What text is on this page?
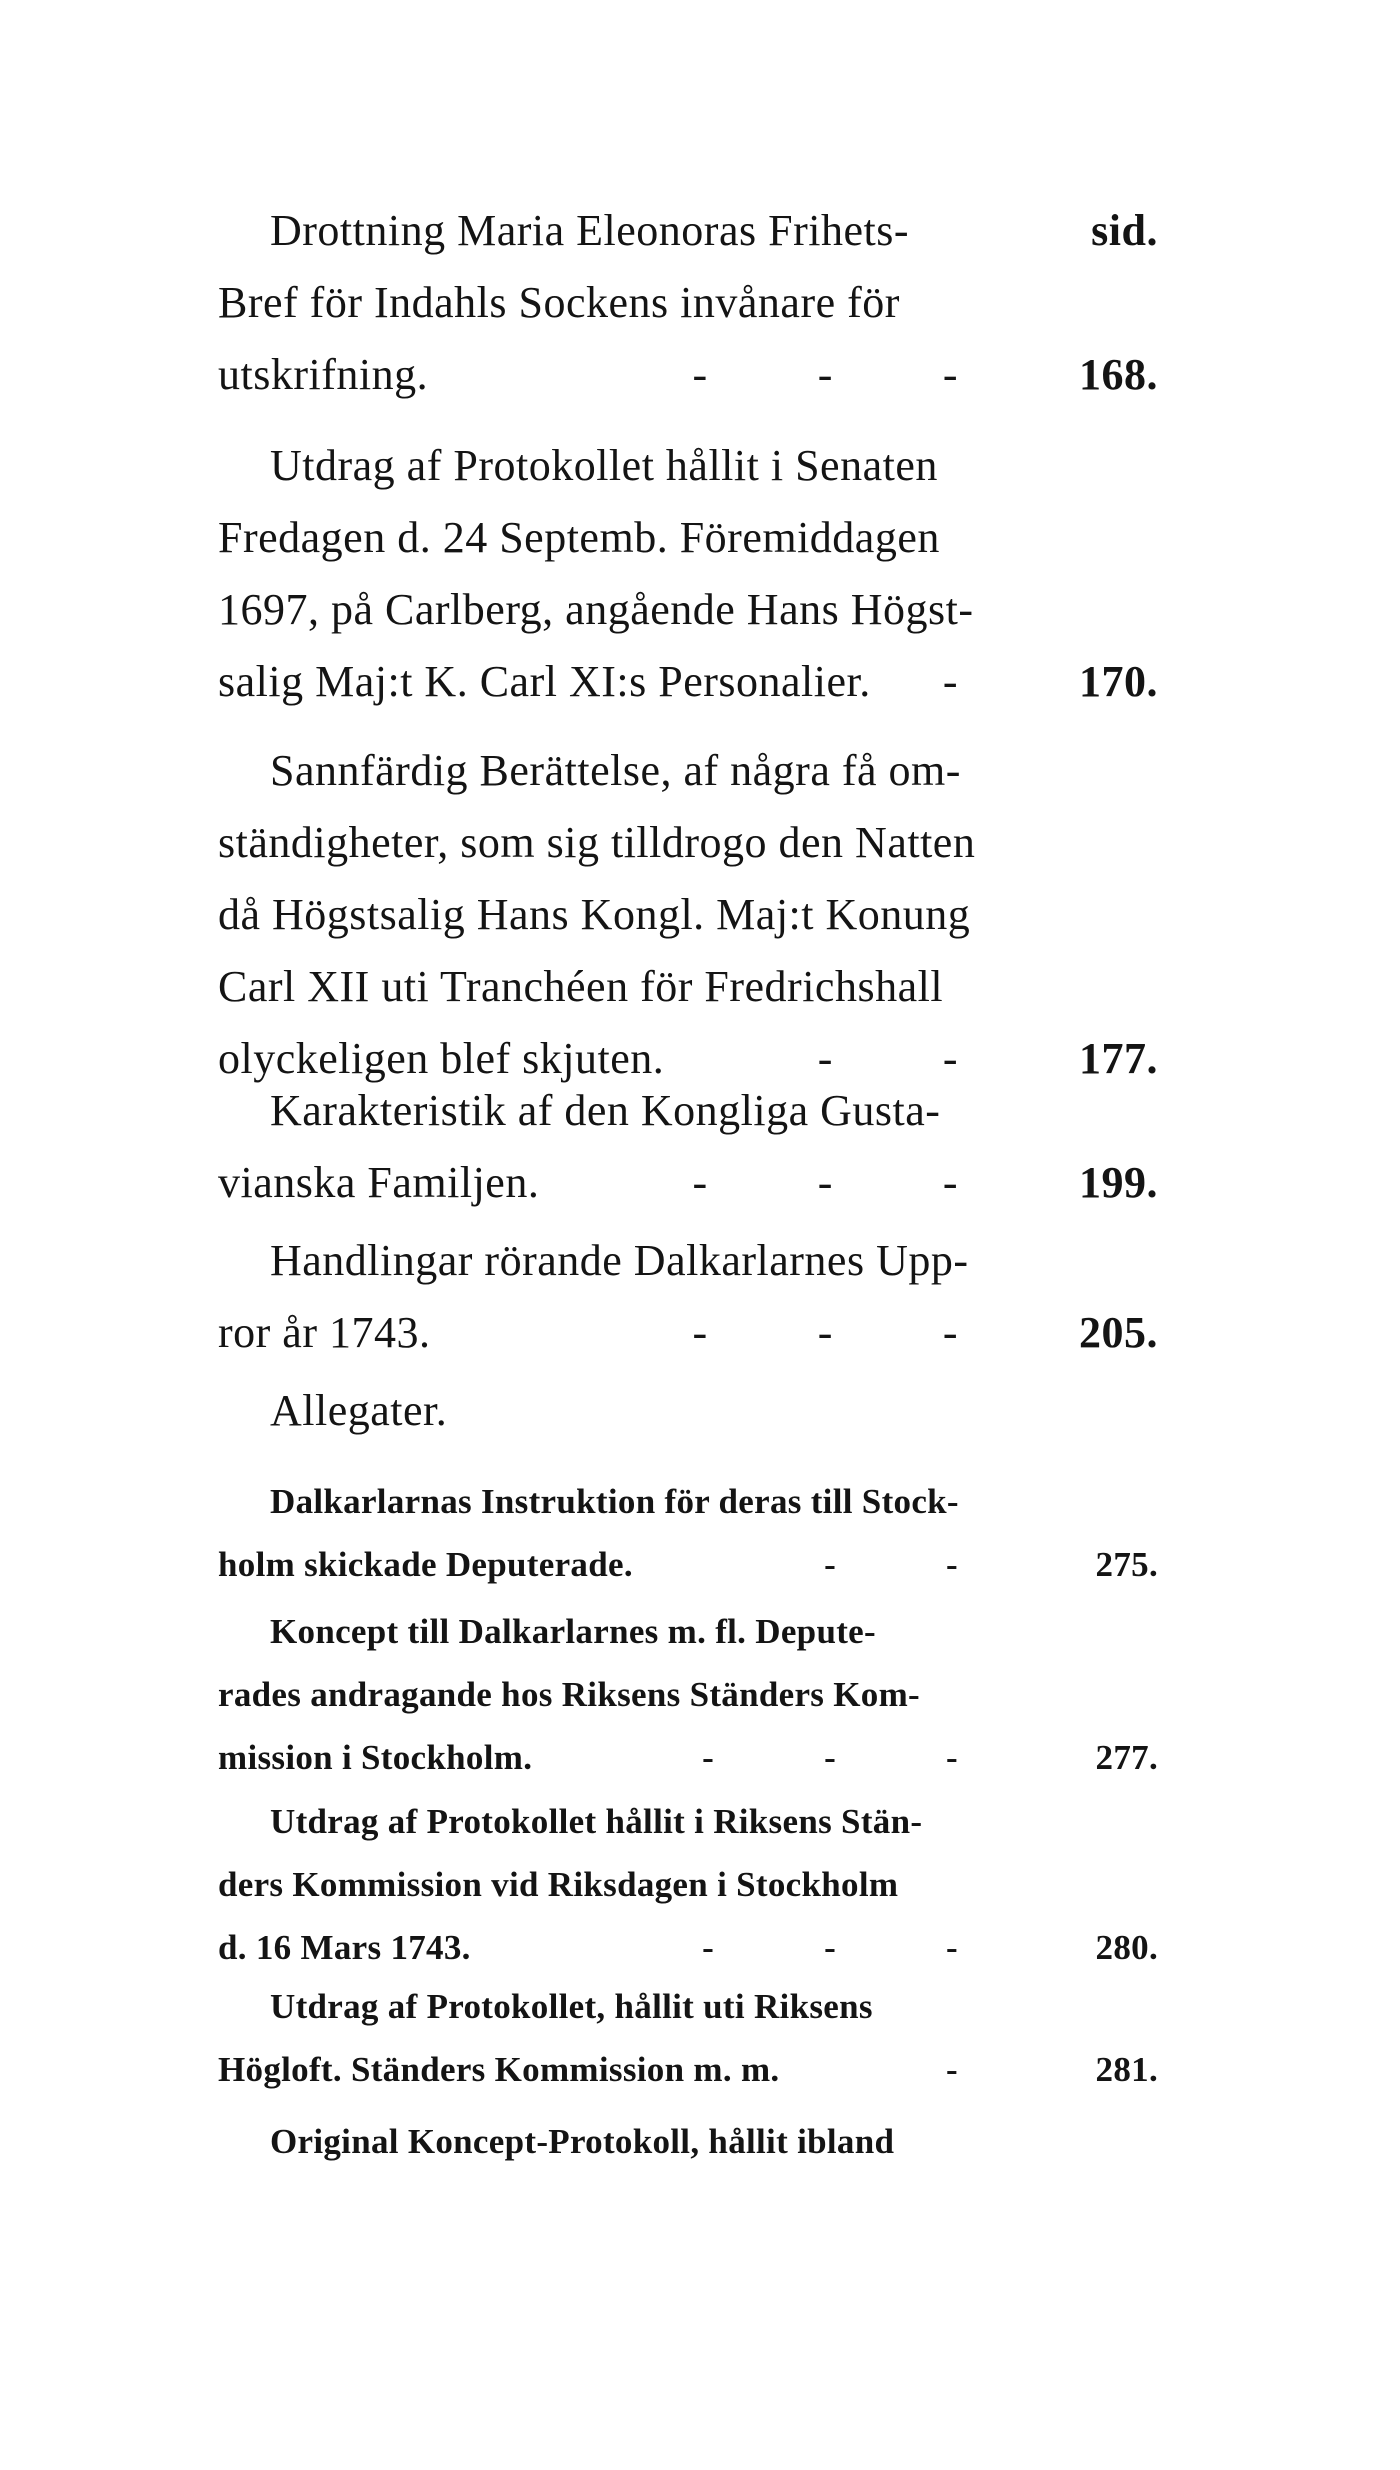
Drottning Maria Eleonoras Frihets-	sid.
Bref för Indahls Sockens invånare för
utskrifning.	-	-	-	168.
Utdrag af Protokollet hållit i Senaten
Fredagen d. 24 Septemb. Föremiddagen
1697, på Carlberg, angående Hans Högst-
salig Maj:t K. Carl XI:s Personalier.	-	170.
Sannfärdig Berättelse, af några få om-
ständigheter, som sig tilldrogo den Natten
då Högstsalig Hans Kongl. Maj:t Konung
Carl XII uti Tranchéen för Fredrichshall
olyckeligen blef skjuten.	-	-	177.
Karakteristik af den Kongliga Gusta-
vianska Familjen.	-	-	-	199.
Handlingar rörande Dalkarlarnes Upp-
ror år 1743.	-	-	-	205.
Allegater.
Dalkarlarnas Instruktion för deras till Stock-
holm skickade Deputerade.	-	-	275.
Koncept till Dalkarlarnes m. fl. Depute-
rades andragande hos Riksens Ständers Kom-
mission i Stockholm.	-	-	-	277.
Utdrag af Protokollet hållit i Riksens Stän-
ders Kommission vid Riksdagen i Stockholm
d. 16 Mars 1743.	-	-	-	280.
Utdrag af Protokollet, hållit uti Riksens
Högloft. Ständers Kommission m. m.	-	281.
Original Koncept-Protokoll, hållit ibland
